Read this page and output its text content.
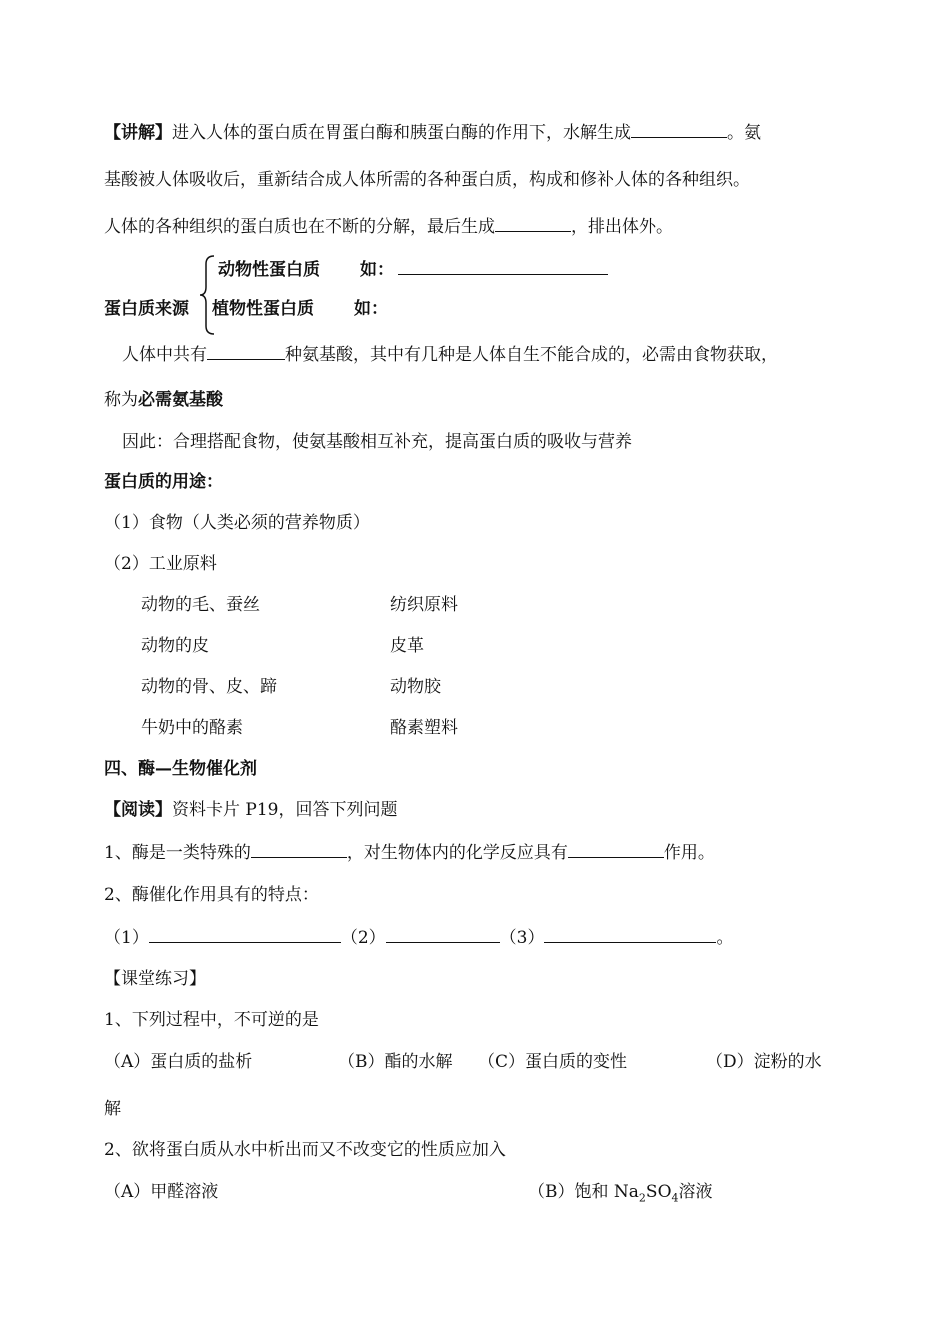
【讲解】进入人体的蛋白质在胃蛋白酶和胰蛋白酶的作用下，水解生成	。氨
基酸被人体吸收后，重新结合成人体所需的各种蛋白质，构成和修补人体的各种组织。
人体的各种组织的蛋白质也在不断的分解，最后生成	，排出体外。
动物性蛋白质 如：
蛋白质来源 植物性蛋白质 如：
人体中共有	种氨基酸，其中有几种是人体自生不能合成的，必需由食物获取，
称为必需氨基酸
因此：合理搭配食物，使氨基酸相互补充，提高蛋白质的吸收与营养
蛋白质的用途：
（1）食物（人类必须的营养物质）
（2）工业原料
动物的毛、蚕丝	纺织原料
动物的皮	皮革
动物的骨、皮、蹄	动物胶
牛奶中的酪素	酪素塑料
四、酶—生物催化剂
【阅读】资料卡片 P19，回答下列问题
1、酶是一类特殊的	，对生物体内的化学反应具有	作用。
2、酶催化作用具有的特点：
（1）	（2）	（3）	。
【课堂练习】
1、下列过程中，不可逆的是
（A）蛋白质的盐析	（B）酯的水解 （C）蛋白质的变性	（D）淀粉的水
解
2、欲将蛋白质从水中析出而又不改变它的性质应加入
（A）甲醛溶液	（B）饱和 $Na_2SO_4$溶液
